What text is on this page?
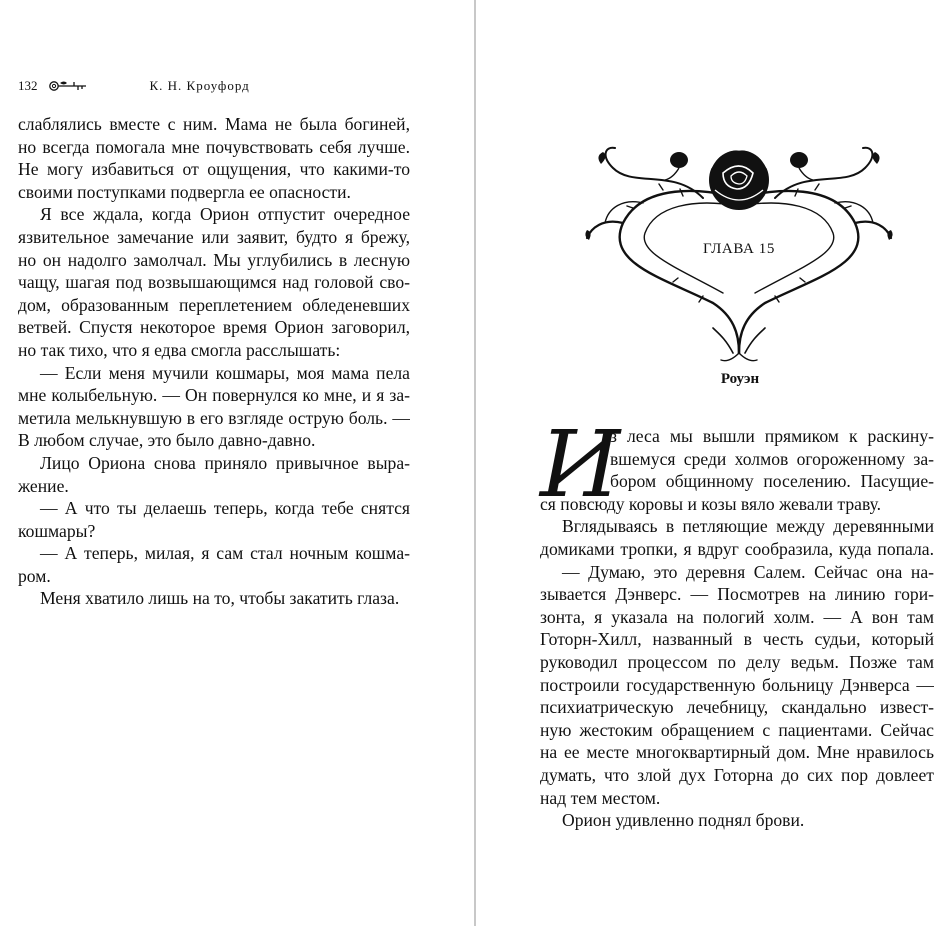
132	К. Н. Кроуфорд
слаблялись вместе с ним. Мама не была богиней,
но всегда помогала мне почувствовать себя лучше.
Не могу избавиться от ощущения, что какими-то
своими поступками подвергла ее опасности.
Я все ждала, когда Орион отпустит очередное
язвительное замечание или заявит, будто я брежу,
но он надолго замолчал. Мы углубились в лесную
чащу, шагая под возвышающимся над головой сво-
дом, образованным переплетением обледеневших
ветвей. Спустя некоторое время Орион заговорил,
но так тихо, что я едва смогла расслышать:
— Если меня мучили кошмары, моя мама пела
мне колыбельную. — Он повернулся ко мне, и я за-
метила мелькнувшую в его взгляде острую боль. —
В любом случае, это было давно-давно.
Лицо Ориона снова приняло привычное выра-
жение.
— А что ты делаешь теперь, когда тебе снятся
кошмары?
— А теперь, милая, я сам стал ночным кошма-
ром.
Меня хватило лишь на то, чтобы закатить глаза.
ГЛАВА 15
Роуэн
И
з леса мы вышли прямиком к раскину-
вшемуся среди холмов огороженному за-
бором общинному поселению. Пасущие-
ся повсюду коровы и козы вяло жевали траву.
Вглядываясь в петляющие между деревянными
домиками тропки, я вдруг сообразила, куда попала.
— Думаю, это деревня Салем. Сейчас она на-
зывается Дэнверс. — Посмотрев на линию гори-
зонта, я указала на пологий холм. — А вон там
Готорн-Хилл, названный в честь судьи, который
руководил процессом по делу ведьм. Позже там
построили государственную больницу Дэнверса —
психиатрическую лечебницу, скандально извест-
ную жестоким обращением с пациентами. Сейчас
на ее месте многоквартирный дом. Мне нравилось
думать, что злой дух Готорна до сих пор довлеет
над тем местом.
Орион удивленно поднял брови.
